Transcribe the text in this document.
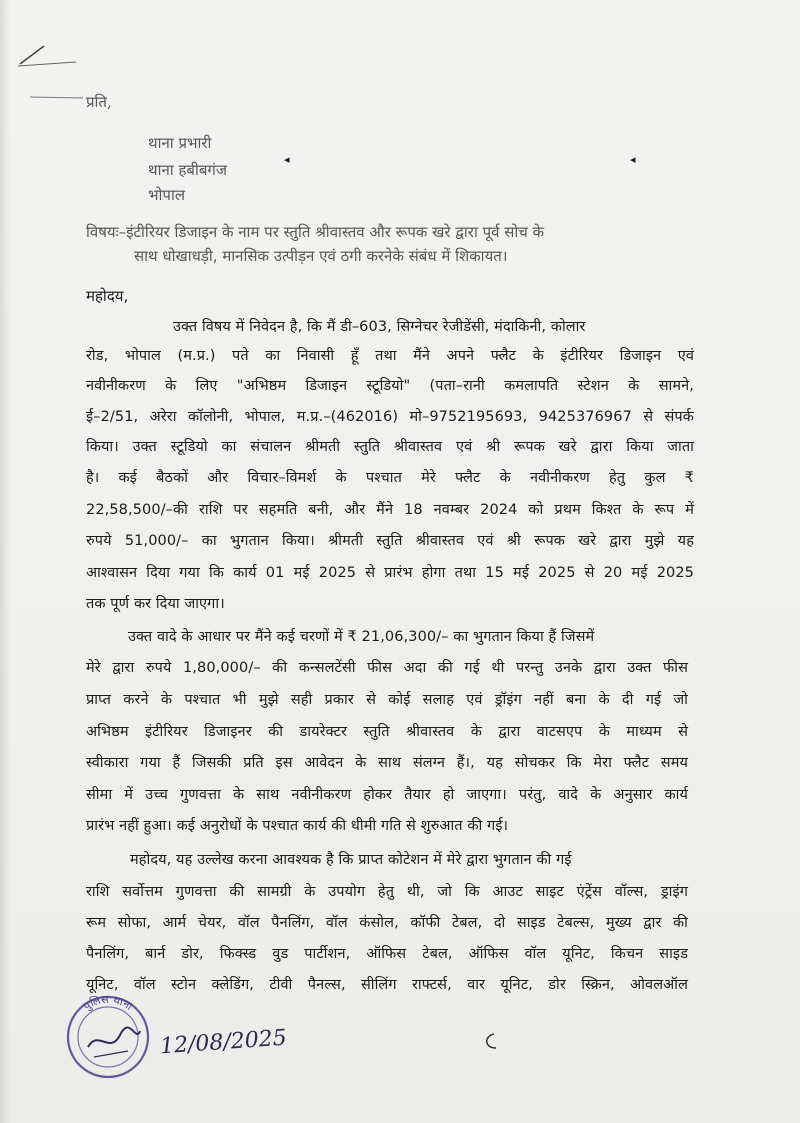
प्रति,
थाना प्रभारी
थाना हबीबगंज
भोपाल
◂	◂
विषयः–इंटीरियर डिजाइन के नाम पर स्तुति श्रीवास्तव और रूपक खरे द्वारा पूर्व सोच के
साथ धोखाधड़ी, मानसिक उत्पीड़न एवं ठगी करनेके संबंध में शिकायत।
महोदय,
उक्त विषय में निवेदन है, कि मैं डी–603, सिग्नेचर रेजीडेंसी, मंदाकिनी, कोलार
रोड, भोपाल (म.प्र.) पते का निवासी हूँ तथा मैंने अपने फ्लैट के इंटीरियर डिजाइन एवं
नवीनीकरण के लिए "अभिष्ठम डिजाइन स्टूडियो" (पता–रानी कमलापति स्टेशन के सामने,
ई–2/51, अरेरा कॉलोनी, भोपाल, म.प्र.–(462016) मो–9752195693, 9425376967 से संपर्क
किया। उक्त स्टूडियो का संचालन श्रीमती स्तुति श्रीवास्तव एवं श्री रूपक खरे द्वारा किया जाता
है। कई बैठकों और विचार–विमर्श के पश्चात मेरे फ्लैट के नवीनीकरण हेतु कुल ₹
22,58,500/–की राशि पर सहमति बनी, और मैंने 18 नवम्बर 2024 को प्रथम किश्त के रूप में
रुपये 51,000/– का भुगतान किया। श्रीमती स्तुति श्रीवास्तव एवं श्री रूपक खरे द्वारा मुझे यह
आश्वासन दिया गया कि कार्य 01 मई 2025 से प्रारंभ होगा तथा 15 मई 2025 से 20 मई 2025
तक पूर्ण कर दिया जाएगा।
उक्त वादे के आधार पर मैंने कई चरणों में ₹ 21,06,300/– का भुगतान किया हैं जिसमें
मेरे द्वारा रुपये 1,80,000/– की कन्सलटेंसी फीस अदा की गई थी परन्तु उनके द्वारा उक्त फीस
प्राप्त करने के पश्चात भी मुझे सही प्रकार से कोई सलाह एवं ड्रॉइंग नहीं बना के दी गई जो
अभिष्ठम इंटीरियर डिजाइनर की डायरेक्टर स्तुति श्रीवास्तव के द्वारा वाटसएप के माध्यम से
स्वीकारा गया हैं जिसकी प्रति इस आवेदन के साथ संलग्न हैं।, यह सोचकर कि मेरा फ्लैट समय
सीमा में उच्च गुणवत्ता के साथ नवीनीकरण होकर तैयार हो जाएगा। परंतु, वादे के अनुसार कार्य
प्रारंभ नहीं हुआ। कई अनुरोधों के पश्चात कार्य की धीमी गति से शुरुआत की गई।
महोदय, यह उल्लेख करना आवश्यक है कि प्राप्त कोटेशन में मेरे द्वारा भुगतान की गई
राशि सर्वोत्तम गुणवत्ता की सामग्री के उपयोग हेतु थी, जो कि आउट साइट एंट्रेंस वॉल्स, ड्राइंग
रूम सोफा, आर्म चेयर, वॉल पैनलिंग, वॉल कंसोल, कॉफी टेबल, दो साइड टेबल्स, मुख्य द्वार की
पैनलिंग, बार्न डोर, फिक्स्ड वुड पार्टीशन, ऑफिस टेबल, ऑफिस वॉल यूनिट, किचन साइड
यूनिट, वॉल स्टोन क्लेडिंग, टीवी पैनल्स, सीलिंग राफ्टर्स, वार यूनिट, डोर स्क्रिन, ओवलऑल
पुलिस थाना
12/08/2025
